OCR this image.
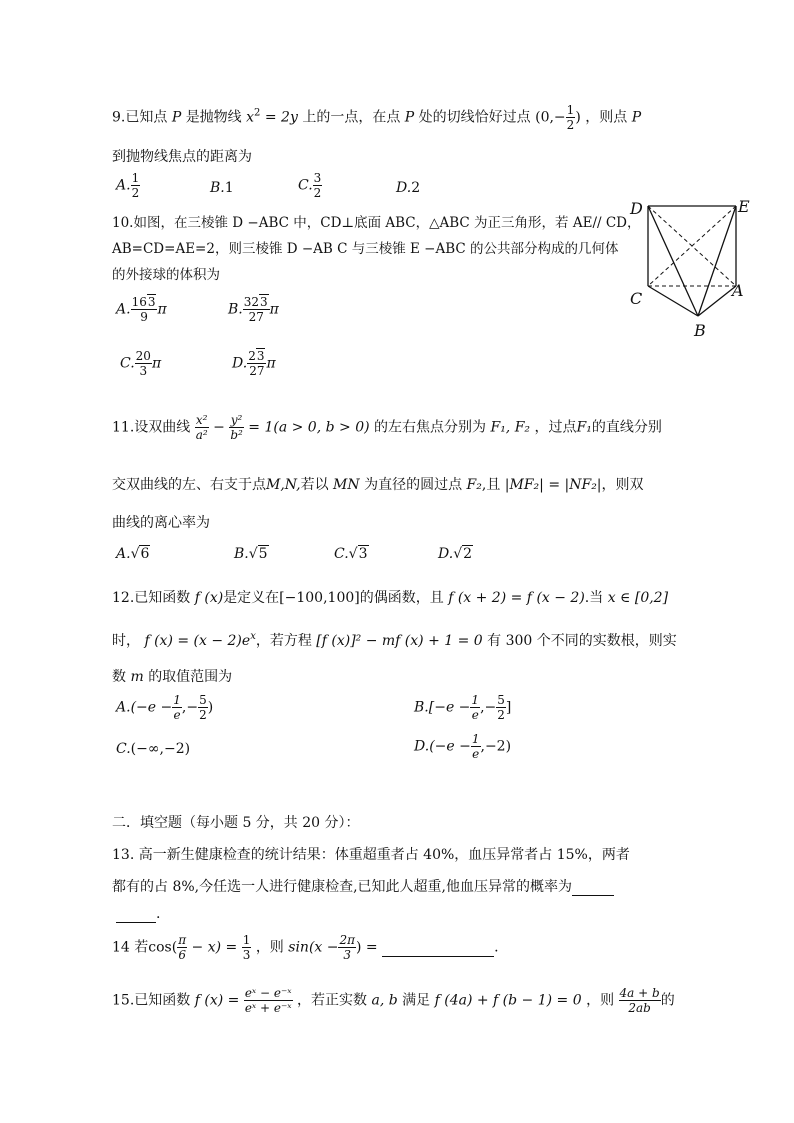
9.已知点 P 是抛物线 $x^2 = 2y$ 上的一点，在点 P 处的切线恰好过点 ($0,- \frac{1}{2}$ ) ，则点 P
到抛物线焦点的距离为
A. $\frac{1}{2}$	B.1	C. $\frac{3}{2}$	D.2
10.如图，在三棱锥 D −ABC 中，CD⊥底面 ABC，△ABC 为正三角形，若 AE// CD，
AB=CD=AE=2，则三棱锥 D −AB C 与三棱锥 E −ABC 的公共部分构成的几何体
的外接球的体积为
A. $\frac{163}{9}$ π	B. $\frac{323}{27}$ π
C. $\frac{20}{3}$ π	D. $\frac{23}{27}$ π
D	E
C	A
B
11.设双曲线 $\frac{\text{x²}}{\text{a²}} - \frac{\text{y²}}{\text{b²}} = 1(a > 0$, b > 0) 的左右焦点分别为 F₁, F₂ ，过点F₁的直线分别
交双曲线的左、右支于点M,N,若以 MN 为直径的圆过点 F₂,且 |MF₂| = |NF₂|，则双
曲线的离心率为
A.√6	B.√5	C.√3	D.√2
12.已知函数 f (x)是定义在[−100,100]的偶函数，且 f (x + 2) = f (x − 2).当 x ∈ [0,2]
时， f $(x) = (x - 2)e^x$，若方程 [f (x)]² − mf (x) + 1 = 0 有 300 个不同的实数根，则实
数 m 的取值范围为
$A.(-e - \frac{1}{e}$ ,− $\frac{5}{2}$ )	$B.[-e - \frac{1}{e}$ ,− $\frac{5}{2}$ ]
C.(−∞,−2)	$D.(-e - \frac{1}{e} ,-2)$
二．填空题（每小题 5 分，共 20 分）：
13. 高一新生健康检查的统计结果：体重超重者占 40%，血压异常者占 15%，两者
都有的占 8%,今任选一人进行健康检查,已知此人超重,他血压异常的概率为
.
14 若$\cos( \frac{\pi}{6} - x) = \frac{1}{3}$ ，则 $\sin(x - \frac{2\pi}{3}$ ) =	.
15.已知函数 f $(x) = \frac{\text{eˣ − e⁻ˣ}}{\text{eˣ + e⁻ˣ}}$ ，若正实数 a, b 满足 f (4a) + f (b − 1) = 0 ，则 $\frac{4a + b}{2ab}$ 的
